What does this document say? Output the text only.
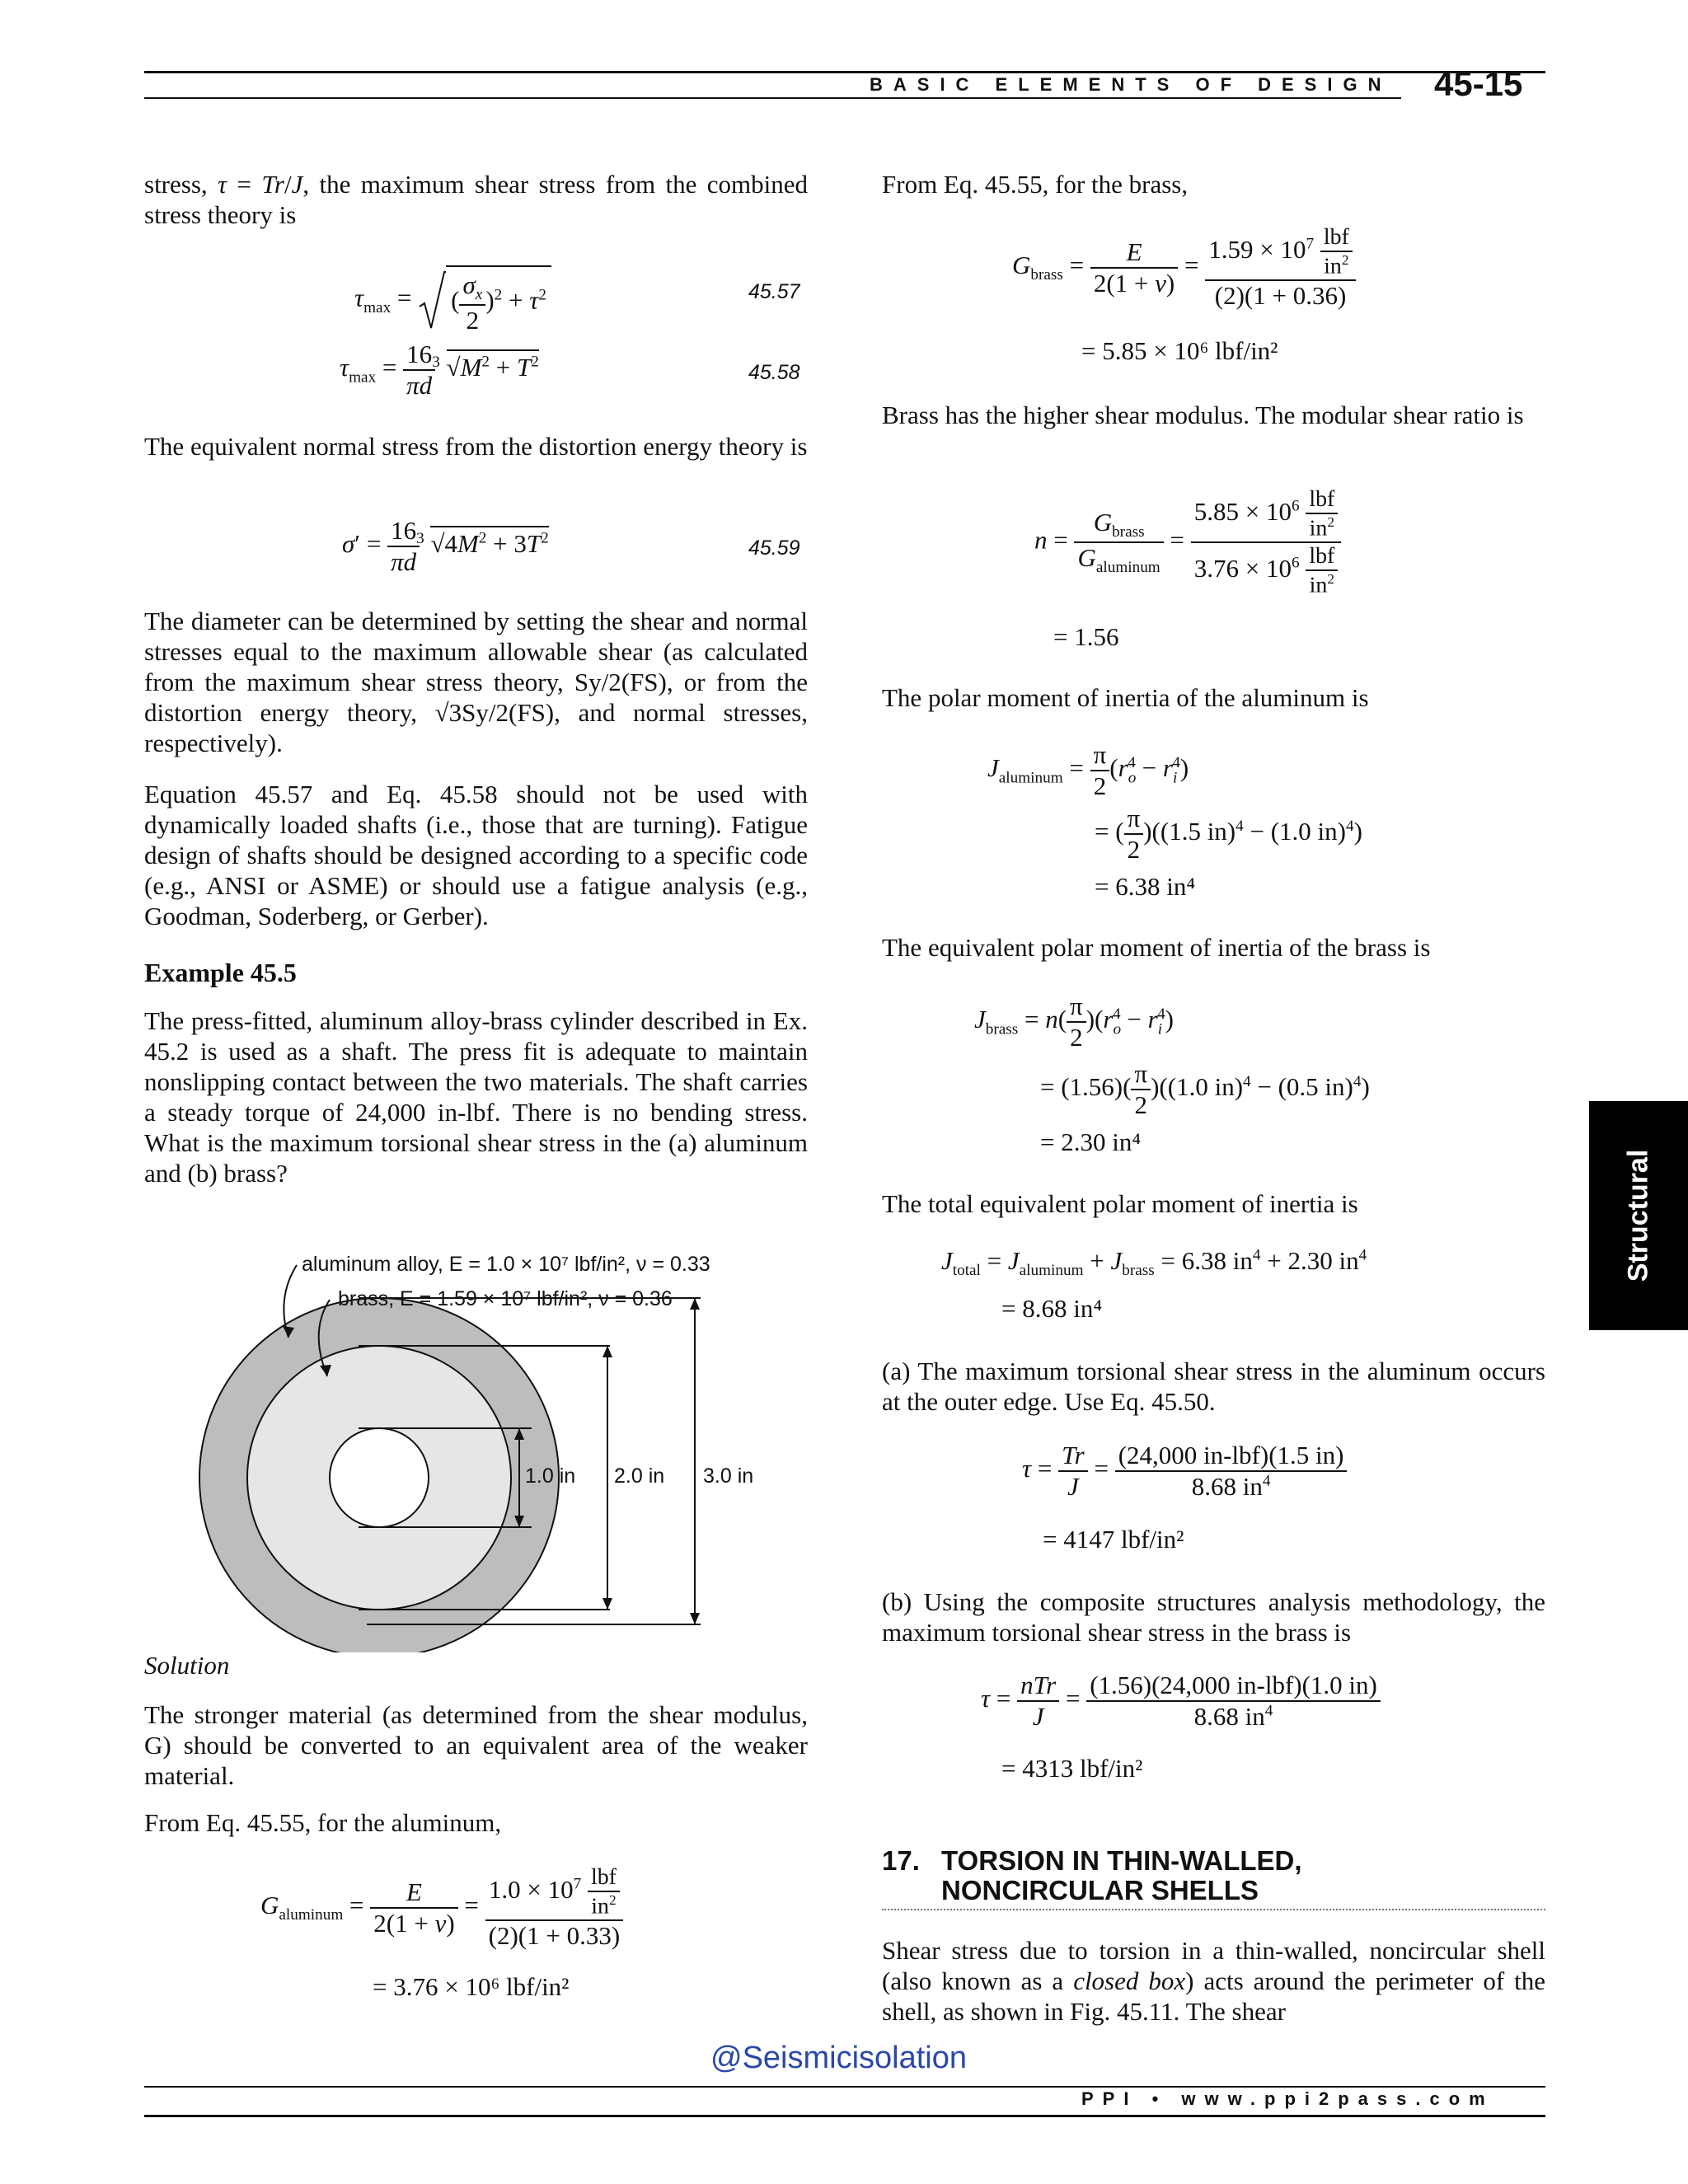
BASIC ELEMENTS OF DESIGN 45-15
Structural

stress, τ = Tr/J, the maximum shear stress from the combined stress theory is

$\tau_{max}$ = ( $\frac{\sigma_x}{2} )^2 + \tau^2$	45.57
$\tau_{max} = \frac{16}{\pi d}$
$^3$ $√M^2 + T^2$	45.58

The equivalent normal stress from the distortion energy theory is

$\sigma' = \frac{16}{\pi d}$
$^3$ $√4M^2 + 3T^2$	45.59

The diameter can be determined by setting the shear and normal stresses equal to the maximum allowable shear (as calculated from the maximum shear stress theory, Sy/2(FS), or from the distortion energy theory, √3Sy/2(FS), and normal stresses, respectively).

Equation 45.57 and Eq. 45.58 should not be used with dynamically loaded shafts (i.e., those that are turning). Fatigue design of shafts should be designed according to a specific code (e.g., ANSI or ASME) or should use a fatigue analysis (e.g., Goodman, Soderberg, or Gerber).

Example 45.5

The press-fitted, aluminum alloy-brass cylinder described in Ex. 45.2 is used as a shaft. The press fit is adequate to maintain nonslipping contact between the two materials. The shaft carries a steady torque of 24,000 in-lbf. There is no bending stress. What is the maximum torsional shear stress in the (a) aluminum and (b) brass?

aluminum alloy, E = 1.0 × 10⁷ lbf/in², ν = 0.33
brass, E = 1.59 × 10⁷ lbf/in², ν = 0.36
1.0 in 2.0 in 3.0 in
Solution

The stronger material (as determined from the shear modulus, G) should be converted to an equivalent area of the weaker material.

From Eq. 45.55, for the aluminum,

$G_{aluminum} = \frac{E}{2(1 + \nu)} = \frac{1.0 \times 10^7 \frac{\text{lbf}}{in^2}}{(2)(1 + 0.33)}$
= 3.76 × 10⁶ lbf/in²

From Eq. 45.55, for the brass,

$G_{brass} = \frac{E}{2(1 + \nu)} = \frac{1.59 \times 10^7 \frac{\text{lbf}}{in^2}}{(2)(1 + 0.36)}$
= 5.85 × 10⁶ lbf/in²

Brass has the higher shear modulus. The modular shear ratio is

$n = \frac{G_{brass}}{G_{aluminum}} = \frac{5.85 \times 10^6 \frac{\text{lbf}}{in^2}}{3.76 \times 10^6 \frac{\text{lbf}}{in^2}}$
= 1.56

The polar moment of inertia of the aluminum is

$J_{aluminum} = \frac{\pi}{2} (r_o^4 - r_i^4)$
= ( $\frac{\pi}{2} )((1.5$ in)$^4$ − (1.0 in)$^4$)
= 6.38 in⁴

The equivalent polar moment of inertia of the brass is

$J_{brass} = n( \frac{\pi}{2} )(r_o^4 - r_i^4)$
= $(1.56)( \frac{\pi}{2} )((1.0$ in)$^4$ − (0.5 in)$^4$)
= 2.30 in⁴

The total equivalent polar moment of inertia is

$J_{total} = J_{aluminum} + J_{brass} = 6.38$ $in^4 + 2.30$ $in^4$
= 8.68 in⁴

(a) The maximum torsional shear stress in the aluminum occurs at the outer edge. Use Eq. 45.50.

$\tau = \frac{Tr}{J} = \frac{\text{(24,000 in-lbf)(1.5 in)}}{8.68 in^4}$
= 4147 lbf/in²

(b) Using the composite structures analysis methodology, the maximum torsional shear stress in the brass is

$\tau = \frac{\text{nTr}}{J} = \frac{\text{(1.56)(24,000 in-lbf)(1.0 in)}}{8.68 in^4}$
= 4313 lbf/in²
17. TORSION IN THIN-WALLED,
NONCIRCULAR SHELLS

Shear stress due to torsion in a thin-walled, noncircular shell (also known as a closed box) acts around the perimeter of the shell, as shown in Fig. 45.11. The shear

@Seismicisolation
PPI • www.ppi2pass.com
